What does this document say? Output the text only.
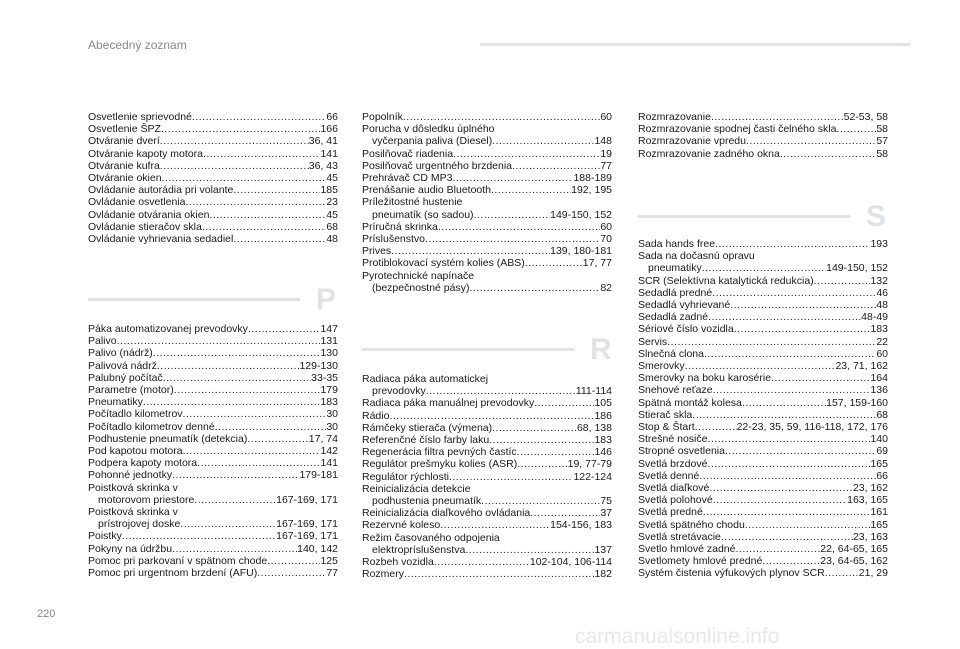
Abecedný zoznam
Osvetlenie sprievodné .....	66
Osvetlenie ŠPZ .....	166
Otváranie dverí .....	36, 41
Otváranie kapoty motora .....	141
Otváranie kufra .....	36, 43
Otváranie okien .....	45
Ovládanie autorádia pri volante .....	185
Ovládanie osvetlenia .....	23
Ovládanie otvárania okien .....	45
Ovládanie stieračov skla .....	68
Ovládanie vyhrievania sedadiel .....	48
P
Páka automatizovanej prevodovky .....	147
Palivo .....	131
Palivo (nádrž) .....	130
Palivová nádrž .....	129-130
Palubný počítač .....	33-35
Parametre (motor) .....	179
Pneumatiky .....	183
Počítadlo kilometrov .....	30
Počítadlo kilometrov denné .....	30
Podhustenie pneumatík (detekcia) .....	17, 74
Pod kapotou motora .....	142
Podpera kapoty motora .....	141
Pohonné jednotky .....	179-181
Poistková skrinka v
motorovom priestore .....	167-169, 171
Poistková skrinka v
prístrojovej doske .....	167-169, 171
Poistky .....	167-169, 171
Pokyny na údržbu .....	140, 142
Pomoc pri parkovaní v spätnom chode .....	125
Pomoc pri urgentnom brzdení (AFU) .....	77
Popolník .....	60
Porucha v dôsledku úplného
vyčerpania paliva (Diesel) .....	148
Posilňovač riadenia .....	19
Posilňovač urgentného brzdenia .....	77
Prehrávač CD MP3 .....	188-189
Prenášanie audio Bluetooth .....	192, 195
Príležitostné hustenie
pneumatík (so sadou) .....	149-150, 152
Príručná skrinka .....	60
Príslušenstvo .....	70
Prives .....	139, 180-181
Protiblokovací systém kolies (ABS) .....	17, 77
Pyrotechnické napínače
(bezpečnostné pásy) .....	82
R
Radiaca páka automatickej
prevodovky .....	111-114
Radiaca páka manuálnej prevodovky .....	105
Rádio .....	186
Rámčeky stierača (výmena) .....	68, 138
Referenčné číslo farby laku .....	183
Regenerácia filtra pevných častíc .....	146
Regulátor prešmyku kolies (ASR) .....	19, 77-79
Regulátor rýchlosti .....	122-124
Reinicializácia detekcie
podhustenia pneumatík .....	75
Reinicializácia diaľkového ovládania .....	37
Rezervné koleso .....	154-156, 183
Režim časovaného odpojenia
elektropríslušenstva .....	137
Rozbeh vozidla .....	102-104, 106-114
Rozmery .....	182
Rozmrazovanie .....	52-53, 58
Rozmrazovanie spodnej časti čelného skla .....	58
Rozmrazovanie vpredu .....	57
Rozmrazovanie zadného okna .....	58
S
Sada hands free .....	193
Sada na dočasnú opravu
pneumatiky .....	149-150, 152
SCR (Selektívna katalytická redukcia) .....	132
Sedadlá predné .....	46
Sedadlá vyhrievané .....	48
Sedadlá zadné .....	48-49
Sériové číslo vozidla .....	183
Servis .....	22
Slnečná clona .....	60
Smerovky .....	23, 71, 162
Smerovky na boku karosérie .....	164
Snehové reťaze .....	136
Spätná montáž kolesa .....	157, 159-160
Stierač skla .....	68
Stop & Štart .....	22-23, 35, 59, 116-118, 172, 176
Strešné nosiče .....	140
Stropné osvetlenia .....	69
Svetlá brzdové .....	165
Svetlá denné .....	66
Svetlá diaľkové .....	23, 162
Svetlá polohové .....	163, 165
Svetlá predné .....	161
Svetlá spätného chodu .....	165
Svetlá stretávacie .....	23, 163
Svetlo hmlové zadné .....	22, 64-65, 165
Svetlomety hmlové predné .....	23, 64-65, 162
Systém čistenia výfukových plynov SCR .....	21, 29
220
carmanualsonline.info
